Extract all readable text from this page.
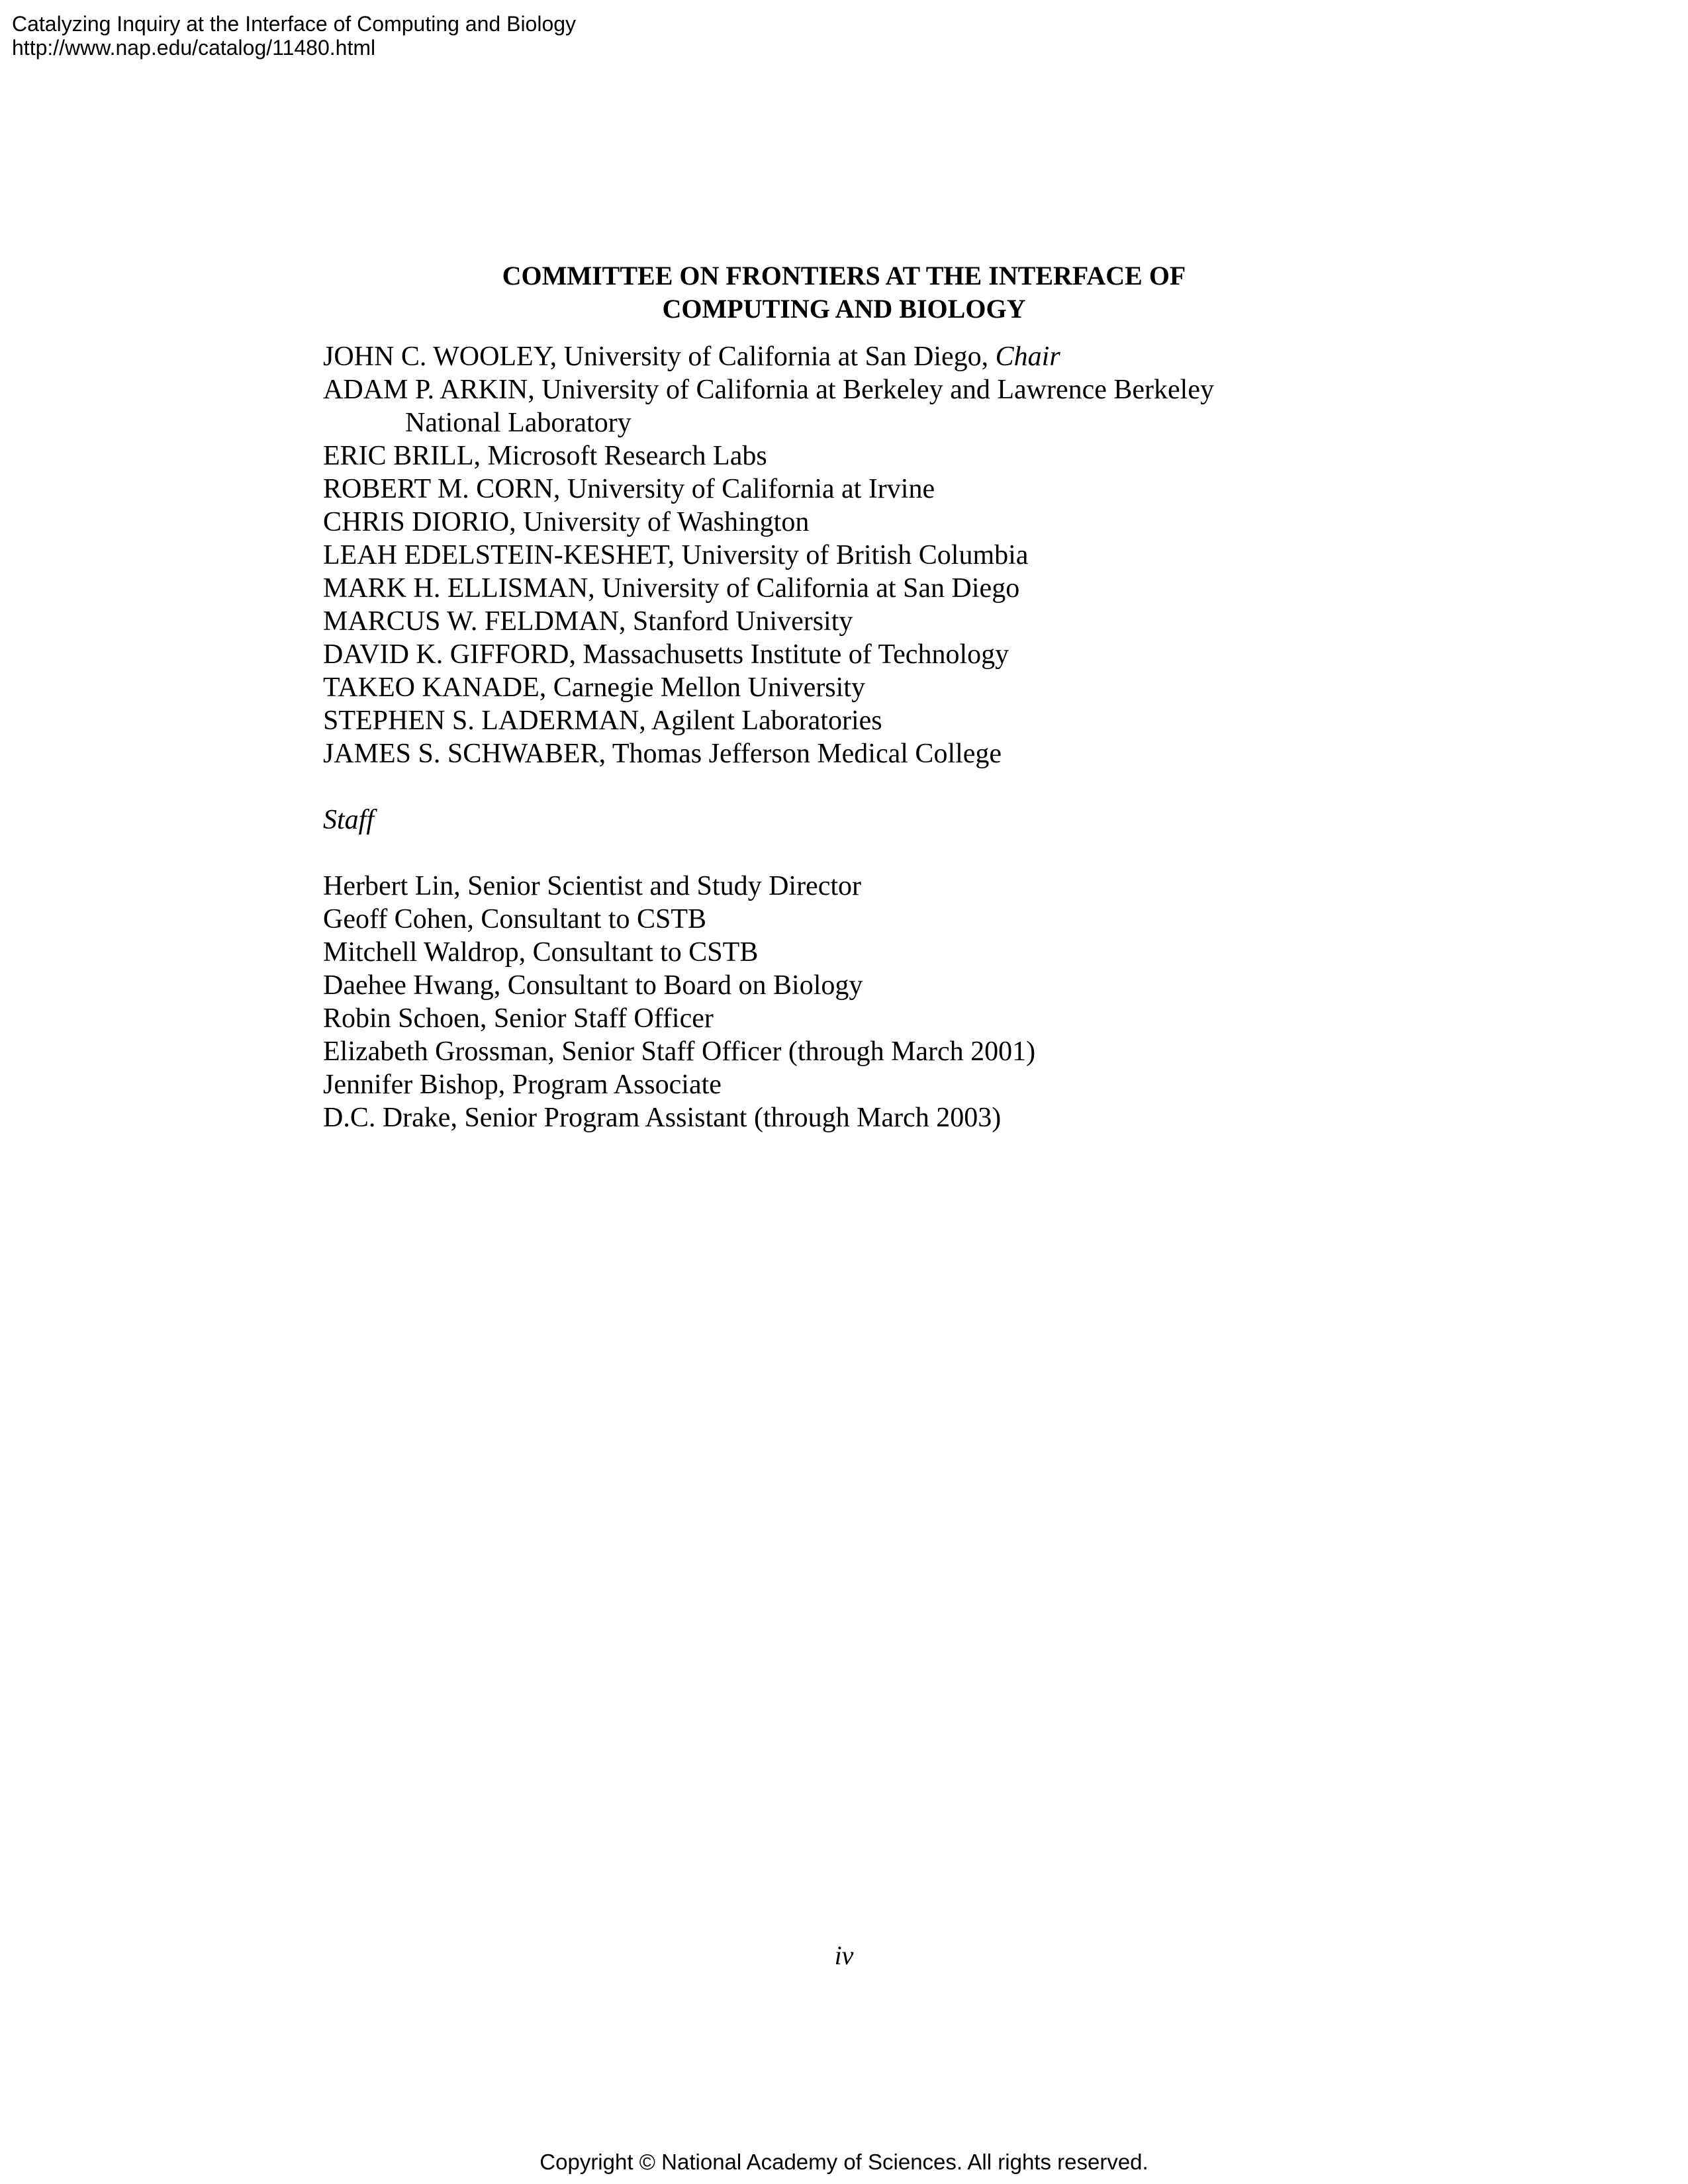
Catalyzing Inquiry at the Interface of Computing and Biology
http://www.nap.edu/catalog/11480.html
COMMITTEE ON FRONTIERS AT THE INTERFACE OF
COMPUTING AND BIOLOGY
JOHN C. WOOLEY, University of California at San Diego, Chair
ADAM P. ARKIN, University of California at Berkeley and Lawrence Berkeley
National Laboratory
ERIC BRILL, Microsoft Research Labs
ROBERT M. CORN, University of California at Irvine
CHRIS DIORIO, University of Washington
LEAH EDELSTEIN-KESHET, University of British Columbia
MARK H. ELLISMAN, University of California at San Diego
MARCUS W. FELDMAN, Stanford University
DAVID K. GIFFORD, Massachusetts Institute of Technology
TAKEO KANADE, Carnegie Mellon University
STEPHEN S. LADERMAN, Agilent Laboratories
JAMES S. SCHWABER, Thomas Jefferson Medical College
Staff
Herbert Lin, Senior Scientist and Study Director
Geoff Cohen, Consultant to CSTB
Mitchell Waldrop, Consultant to CSTB
Daehee Hwang, Consultant to Board on Biology
Robin Schoen, Senior Staff Officer
Elizabeth Grossman, Senior Staff Officer (through March 2001)
Jennifer Bishop, Program Associate
D.C. Drake, Senior Program Assistant (through March 2003)
iv
Copyright © National Academy of Sciences. All rights reserved.
